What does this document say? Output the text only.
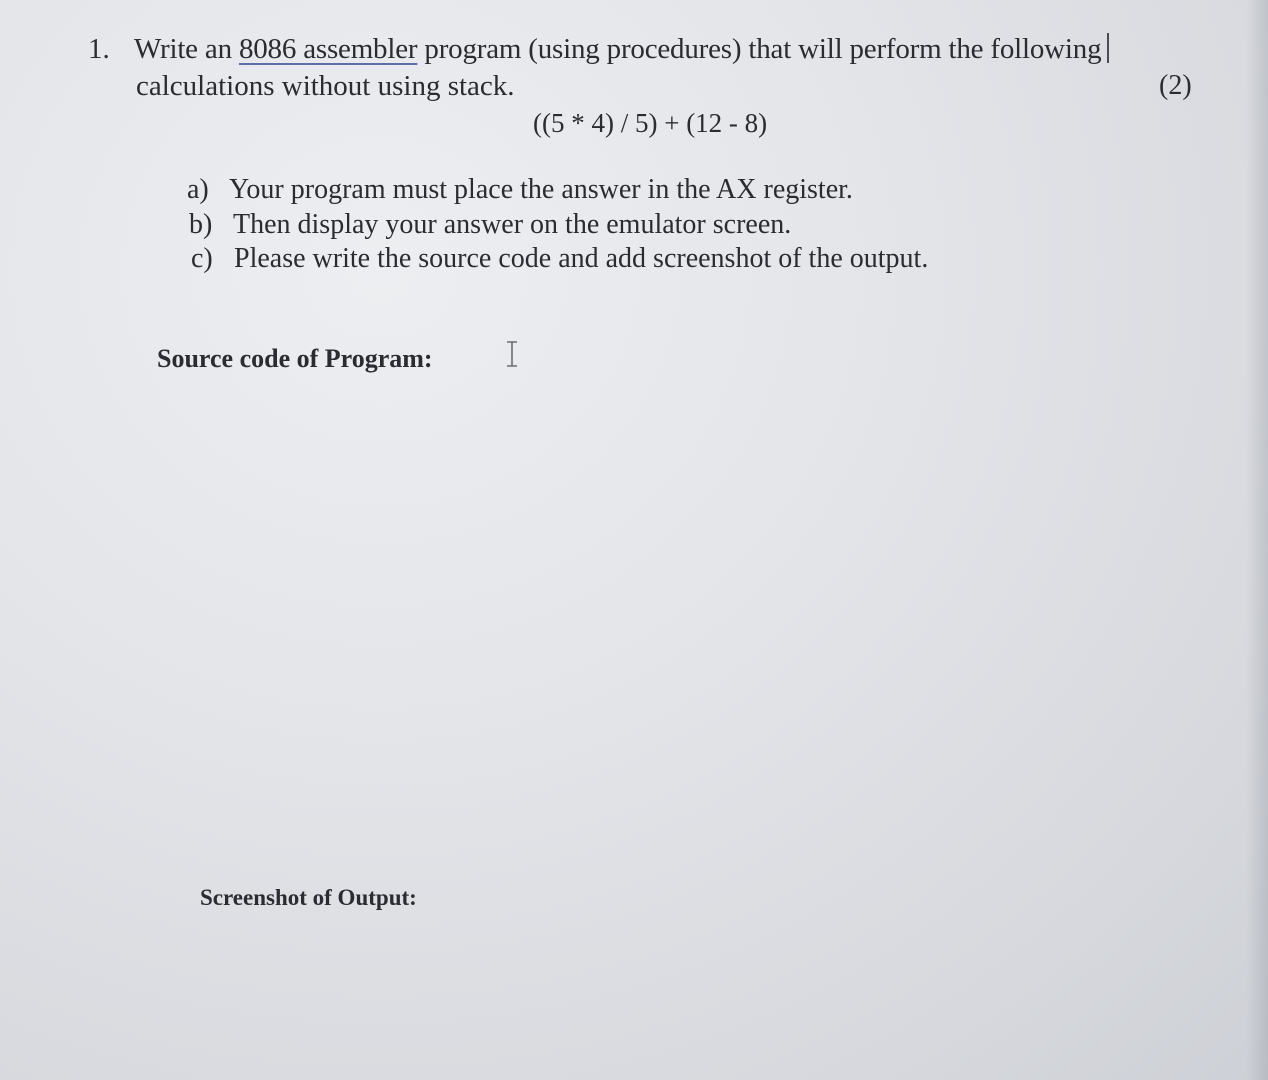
1. Write an 8086 assembler program (using procedures) that will perform the following
calculations without using stack.	(2)
((5 * 4) / 5) + (12 - 8)
a) Your program must place the answer in the AX register.
b) Then display your answer on the emulator screen.
c) Please write the source code and add screenshot of the output.
Source code of Program:
Screenshot of Output:
